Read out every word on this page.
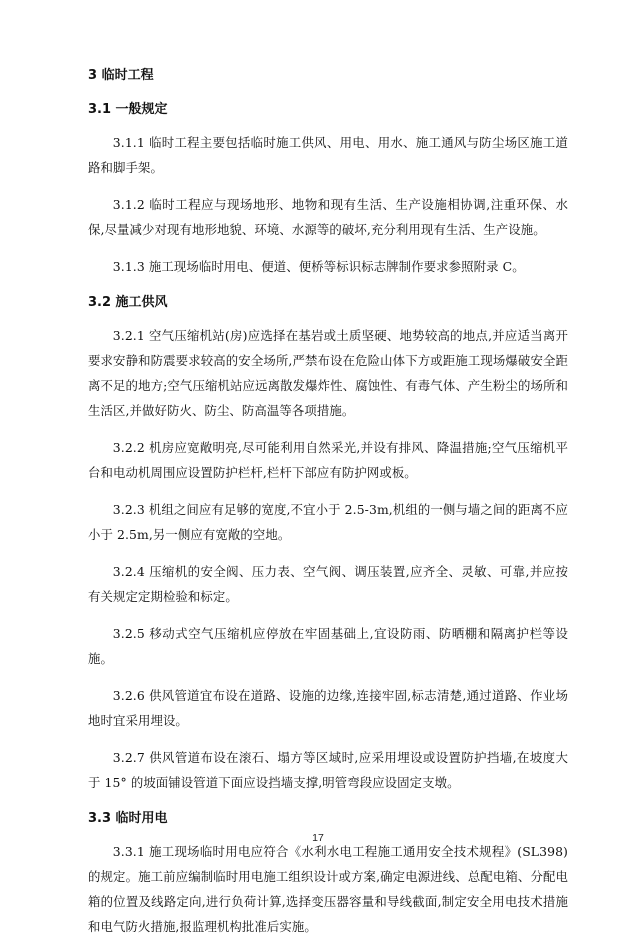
3 临时工程
3.1 一般规定

3.1.1 临时工程主要包括临时施工供风、用电、用水、施工通风与防尘场区施工道路和脚手架。

3.1.2 临时工程应与现场地形、地物和现有生活、生产设施相协调,注重环保、水保,尽量减少对现有地形地貌、环境、水源等的破坏,充分利用现有生活、生产设施。

3.1.3 施工现场临时用电、便道、便桥等标识标志牌制作要求参照附录 C。

3.2 施工供风

3.2.1 空气压缩机站(房)应选择在基岩或土质坚硬、地势较高的地点,并应适当离开要求安静和防震要求较高的安全场所,严禁布设在危险山体下方或距施工现场爆破安全距离不足的地方;空气压缩机站应远离散发爆炸性、腐蚀性、有毒气体、产生粉尘的场所和生活区,并做好防火、防尘、防高温等各项措施。

3.2.2 机房应宽敞明亮,尽可能利用自然采光,并设有排风、降温措施;空气压缩机平台和电动机周围应设置防护栏杆,栏杆下部应有防护网或板。

3.2.3 机组之间应有足够的宽度,不宜小于 2.5-3m,机组的一侧与墙之间的距离不应小于 2.5m,另一侧应有宽敞的空地。

3.2.4 压缩机的安全阀、压力表、空气阀、调压装置,应齐全、灵敏、可靠,并应按有关规定定期检验和标定。

3.2.5 移动式空气压缩机应停放在牢固基础上,宜设防雨、防晒棚和隔离护栏等设施。

3.2.6 供风管道宜布设在道路、设施的边缘,连接牢固,标志清楚,通过道路、作业场地时宜采用埋设。

3.2.7 供风管道布设在滚石、塌方等区域时,应采用埋设或设置防护挡墙,在坡度大于 15° 的坡面铺设管道下面应设挡墙支撑,明管弯段应设固定支墩。

3.3 临时用电

3.3.1 施工现场临时用电应符合《水利水电工程施工通用安全技术规程》(SL398)的规定。施工前应编制临时用电施工组织设计或方案,确定电源进线、总配电箱、分配电箱的位置及线路定向,进行负荷计算,选择变压器容量和导线截面,制定安全用电技术措施和电气防火措施,报监理机构批准后实施。

17
